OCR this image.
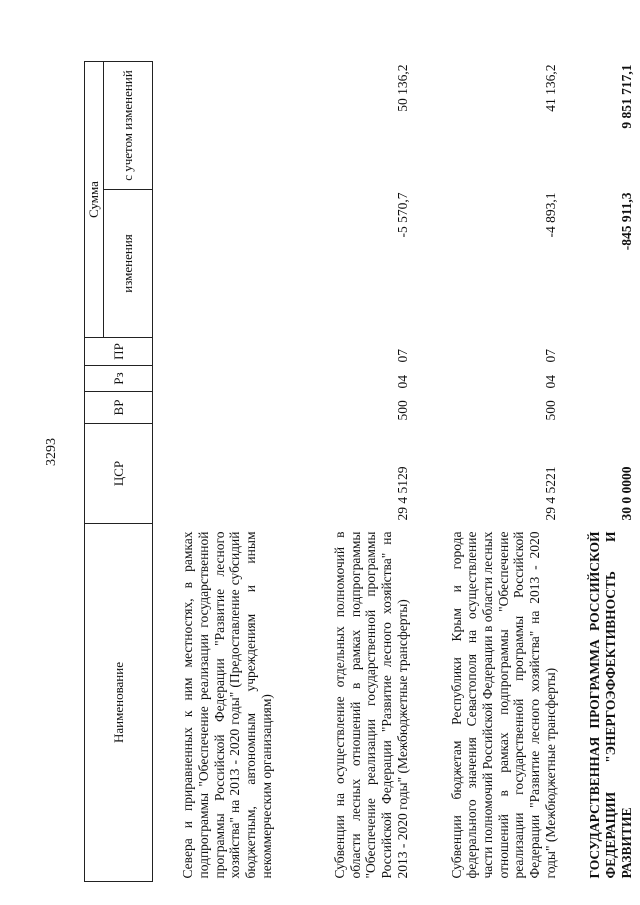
3293
Наименование	ЦСР	ВР	Рз	ПР	Сумма	
					изменения	с учетом изменений
Севера и приравненных к ним местностях, в рамках подпрограммы "Обеспечение реализации государственной программы Российской Федерации "Развитие лесного хозяйства" на 2013 - 2020 годы" (Предоставление субсидий бюджетным, автономным учреждениям и иным некоммерческим организациям)						
Субвенции на осуществление отдельных полномочий в области лесных отношений в рамках подпрограммы "Обеспечение реализации государственной программы Российской Федерации "Развитие лесного хозяйства" на 2013 - 2020 годы" (Межбюджетные трансферты)	29 4 5129	500	04	07	-5 570,7	50 136,2
Субвенции бюджетам Республики Крым и города федерального значения Севастополя на осуществление части полномочий Российской Федерации в области лесных отношений в рамках подпрограммы "Обеспечение реализации государственной программы Российской Федерации "Развитие лесного хозяйства" на 2013 - 2020 годы" (Межбюджетные трансферты)	29 4 5221	500	04	07	-4 893,1	41 136,2
ГОСУДАРСТВЕННАЯ ПРОГРАММА РОССИЙСКОЙ ФЕДЕРАЦИИ "ЭНЕРГОЭФФЕКТИВНОСТЬ И РАЗВИТИЕ	30 0 0000				-845 911,3	9 851 717,1
